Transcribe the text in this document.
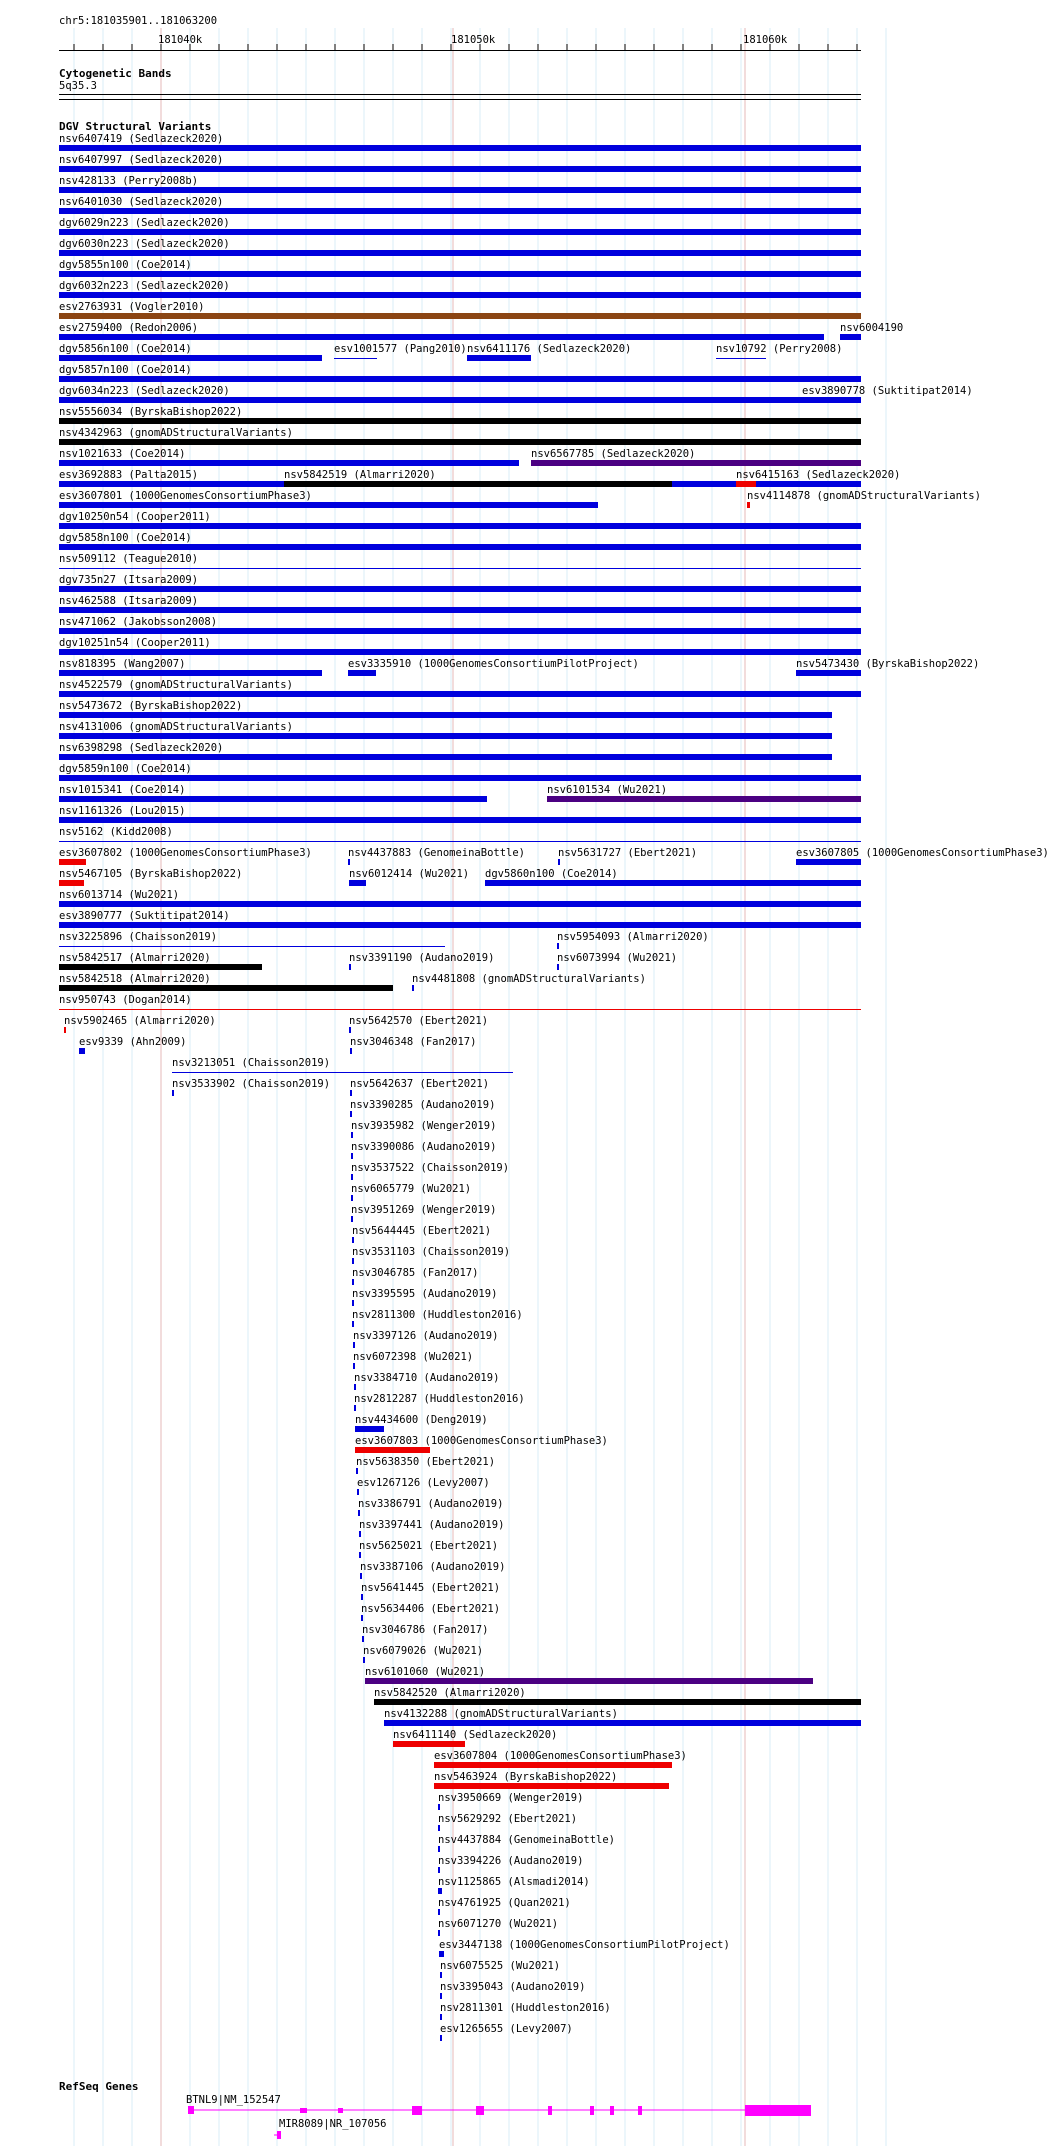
chr5:181035901..181063200
181040k	181050k	181060k
Cytogenetic Bands
5q35.3
DGV Structural Variants
nsv6407419 (Sedlazeck2020)
nsv6407997 (Sedlazeck2020)
nsv428133 (Perry2008b)
nsv6401030 (Sedlazeck2020)
dgv6029n223 (Sedlazeck2020)
dgv6030n223 (Sedlazeck2020)
dgv5855n100 (Coe2014)
dgv6032n223 (Sedlazeck2020)
esv2763931 (Vogler2010)
esv2759400 (Redon2006)	nsv6004190
dgv5856n100 (Coe2014)	esv1001577 (Pang2010) nsv6411176 (Sedlazeck2020)	nsv10792 (Perry2008)
dgv5857n100 (Coe2014)
dgv6034n223 (Sedlazeck2020)	esv3890778 (Suktitipat2014)
nsv5556034 (ByrskaBishop2022)
nsv4342963 (gnomADStructuralVariants)
nsv1021633 (Coe2014)	nsv6567785 (Sedlazeck2020)
esv3692883 (Palta2015)	nsv5842519 (Almarri2020)	nsv6415163 (Sedlazeck2020)
esv3607801 (1000GenomesConsortiumPhase3)	nsv4114878 (gnomADStructuralVariants)
dgv10250n54 (Cooper2011)
dgv5858n100 (Coe2014)
nsv509112 (Teague2010)
dgv735n27 (Itsara2009)
nsv462588 (Itsara2009)
nsv471062 (Jakobsson2008)
dgv10251n54 (Cooper2011)
nsv818395 (Wang2007)	esv3335910 (1000GenomesConsortiumPilotProject)	nsv5473430 (ByrskaBishop2022)
nsv4522579 (gnomADStructuralVariants)
nsv5473672 (ByrskaBishop2022)
nsv4131006 (gnomADStructuralVariants)
nsv6398298 (Sedlazeck2020)
dgv5859n100 (Coe2014)
nsv1015341 (Coe2014)	nsv6101534 (Wu2021)
nsv1161326 (Lou2015)
nsv5162 (Kidd2008)
esv3607802 (1000GenomesConsortiumPhase3)	nsv4437883 (GenomeinaBottle)	nsv5631727 (Ebert2021)	esv3607805 (1000GenomesConsortiumPhase3)
nsv5467105 (ByrskaBishop2022)	nsv6012414 (Wu2021) dgv5860n100 (Coe2014)
nsv6013714 (Wu2021)
esv3890777 (Suktitipat2014)
nsv3225896 (Chaisson2019)	nsv5954093 (Almarri2020)
nsv5842517 (Almarri2020)	nsv3391190 (Audano2019)	nsv6073994 (Wu2021)
nsv5842518 (Almarri2020)	nsv4481808 (gnomADStructuralVariants)
nsv950743 (Dogan2014)
nsv5902465 (Almarri2020)	nsv5642570 (Ebert2021)
esv9339 (Ahn2009)	nsv3046348 (Fan2017)
nsv3213051 (Chaisson2019)
nsv3533902 (Chaisson2019) nsv5642637 (Ebert2021)
nsv3390285 (Audano2019)
nsv3935982 (Wenger2019)
nsv3390086 (Audano2019)
nsv3537522 (Chaisson2019)
nsv6065779 (Wu2021)
nsv3951269 (Wenger2019)
nsv5644445 (Ebert2021)
nsv3531103 (Chaisson2019)
nsv3046785 (Fan2017)
nsv3395595 (Audano2019)
nsv2811300 (Huddleston2016)
nsv3397126 (Audano2019)
nsv6072398 (Wu2021)
nsv3384710 (Audano2019)
nsv2812287 (Huddleston2016)
nsv4434600 (Deng2019)
esv3607803 (1000GenomesConsortiumPhase3)
nsv5638350 (Ebert2021)
esv1267126 (Levy2007)
nsv3386791 (Audano2019)
nsv3397441 (Audano2019)
nsv5625021 (Ebert2021)
nsv3387106 (Audano2019)
nsv5641445 (Ebert2021)
nsv5634406 (Ebert2021)
nsv3046786 (Fan2017)
nsv6079026 (Wu2021)
nsv6101060 (Wu2021)
nsv5842520 (Almarri2020)
nsv4132288 (gnomADStructuralVariants)
nsv6411140 (Sedlazeck2020)
esv3607804 (1000GenomesConsortiumPhase3)
nsv5463924 (ByrskaBishop2022)
nsv3950669 (Wenger2019)
nsv5629292 (Ebert2021)
nsv4437884 (GenomeinaBottle)
nsv3394226 (Audano2019)
nsv1125865 (Alsmadi2014)
nsv4761925 (Quan2021)
nsv6071270 (Wu2021)
esv3447138 (1000GenomesConsortiumPilotProject)
nsv6075525 (Wu2021)
nsv3395043 (Audano2019)
nsv2811301 (Huddleston2016)
esv1265655 (Levy2007)
RefSeq Genes
BTNL9|NM_152547
MIR8089|NR_107056
